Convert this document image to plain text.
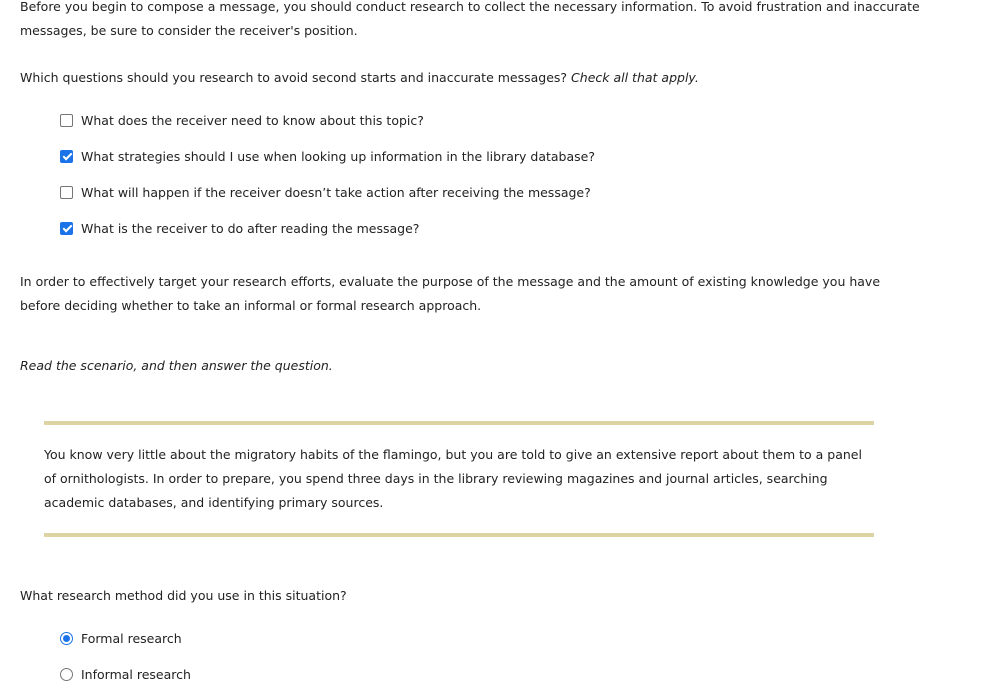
Before you begin to compose a message, you should conduct research to collect the necessary information. To avoid frustration and inaccurate messages, be sure to consider the receiver's position.

Which questions should you research to avoid second starts and inaccurate messages? Check all that apply.

What does the receiver need to know about this topic?
What strategies should I use when looking up information in the library database?
What will happen if the receiver doesn’t take action after receiving the message?
What is the receiver to do after reading the message?

In order to effectively target your research efforts, evaluate the purpose of the message and the amount of existing knowledge you have before deciding whether to take an informal or formal research approach.

Read the scenario, and then answer the question.

You know very little about the migratory habits of the flamingo, but you are told to give an extensive report about them to a panel of ornithologists. In order to prepare, you spend three days in the library reviewing magazines and journal articles, searching academic databases, and identifying primary sources.

What research method did you use in this situation?

Formal research
Informal research
